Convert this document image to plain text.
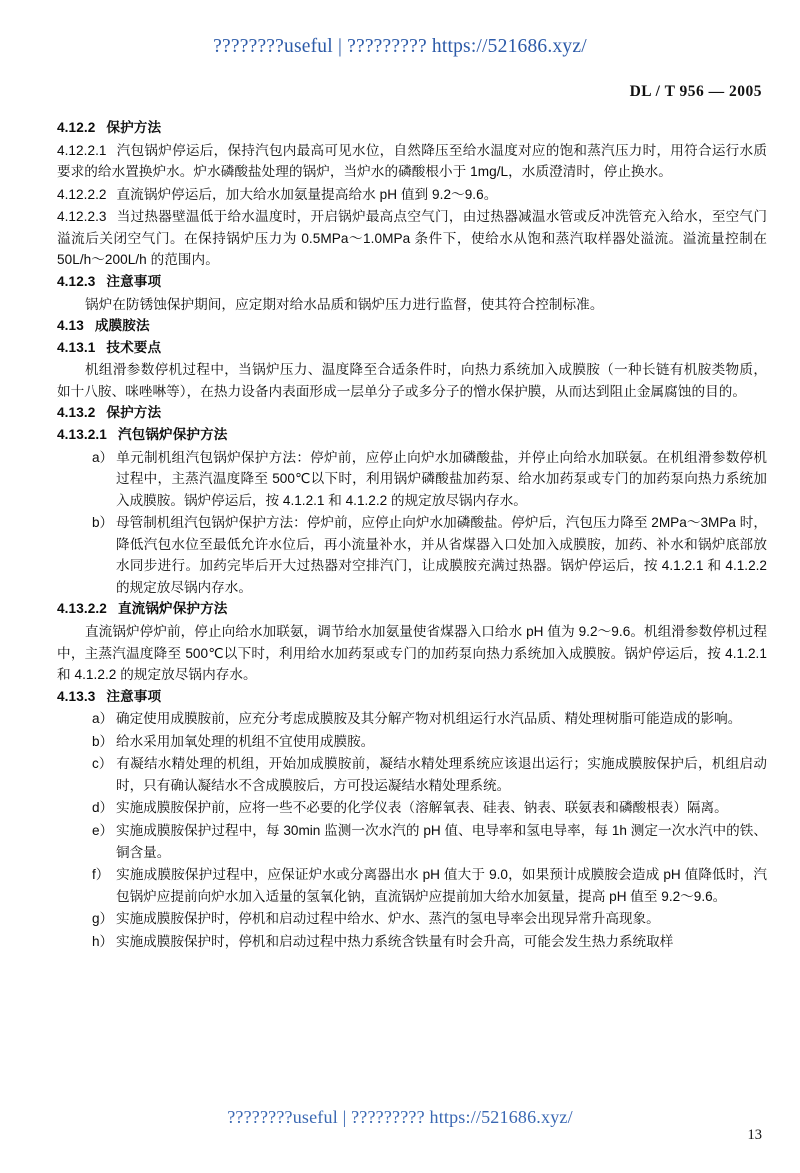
????????useful | ????????? https://521686.xyz/
DL / T 956 — 2005
4.12.2 保护方法

4.12.2.1 汽包锅炉停运后，保持汽包内最高可见水位，自然降压至给水温度对应的饱和蒸汽压力时，用符合运行水质要求的给水置换炉水。炉水磷酸盐处理的锅炉，当炉水的磷酸根小于 1mg/L，水质澄清时，停止换水。

4.12.2.2 直流锅炉停运后，加大给水加氨量提高给水 pH 值到 9.2～9.6。

4.12.2.3 当过热器壁温低于给水温度时，开启锅炉最高点空气门，由过热器减温水管或反冲洗管充入给水，至空气门溢流后关闭空气门。在保持锅炉压力为 0.5MPa～1.0MPa 条件下，使给水从饱和蒸汽取样器处溢流。溢流量控制在 50L/h～200L/h 的范围内。

4.12.3 注意事项

锅炉在防锈蚀保护期间，应定期对给水品质和锅炉压力进行监督，使其符合控制标准。

4.13 成膜胺法
4.13.1 技术要点

机组滑参数停机过程中，当锅炉压力、温度降至合适条件时，向热力系统加入成膜胺（一种长链有机胺类物质，如十八胺、咪唑啉等），在热力设备内表面形成一层单分子或多分子的憎水保护膜，从而达到阻止金属腐蚀的目的。

4.13.2 保护方法
4.13.2.1 汽包锅炉保护方法
a） 单元制机组汽包锅炉保护方法：停炉前，应停止向炉水加磷酸盐，并停止向给水加联氨。在机组滑参数停机过程中，主蒸汽温度降至 500℃以下时，利用锅炉磷酸盐加药泵、给水加药泵或专门的加药泵向热力系统加入成膜胺。锅炉停运后，按 4.1.2.1 和 4.1.2.2 的规定放尽锅内存水。
b） 母管制机组汽包锅炉保护方法：停炉前，应停止向炉水加磷酸盐。停炉后，汽包压力降至 2MPa～3MPa 时，降低汽包水位至最低允许水位后，再小流量补水，并从省煤器入口处加入成膜胺，加药、补水和锅炉底部放水同步进行。加药完毕后开大过热器对空排汽门，让成膜胺充满过热器。锅炉停运后，按 4.1.2.1 和 4.1.2.2 的规定放尽锅内存水。
4.13.2.2 直流锅炉保护方法

直流锅炉停炉前，停止向给水加联氨，调节给水加氨量使省煤器入口给水 pH 值为 9.2～9.6。机组滑参数停机过程中，主蒸汽温度降至 500℃以下时，利用给水加药泵或专门的加药泵向热力系统加入成膜胺。锅炉停运后，按 4.1.2.1 和 4.1.2.2 的规定放尽锅内存水。

4.13.3 注意事项
a） 确定使用成膜胺前，应充分考虑成膜胺及其分解产物对机组运行水汽品质、精处理树脂可能造成的影响。
b） 给水采用加氧处理的机组不宜使用成膜胺。
c） 有凝结水精处理的机组，开始加成膜胺前，凝结水精处理系统应该退出运行；实施成膜胺保护后，机组启动时，只有确认凝结水不含成膜胺后，方可投运凝结水精处理系统。
d） 实施成膜胺保护前，应将一些不必要的化学仪表（溶解氧表、硅表、钠表、联氨表和磷酸根表）隔离。
e） 实施成膜胺保护过程中，每 30min 监测一次水汽的 pH 值、电导率和氢电导率，每 1h 测定一次水汽中的铁、铜含量。
f） 实施成膜胺保护过程中，应保证炉水或分离器出水 pH 值大于 9.0，如果预计成膜胺会造成 pH 值降低时，汽包锅炉应提前向炉水加入适量的氢氧化钠，直流锅炉应提前加大给水加氨量，提高 pH 值至 9.2～9.6。
g） 实施成膜胺保护时，停机和启动过程中给水、炉水、蒸汽的氢电导率会出现异常升高现象。
h） 实施成膜胺保护时，停机和启动过程中热力系统含铁量有时会升高，可能会发生热力系统取样
????????useful | ????????? https://521686.xyz/
13
